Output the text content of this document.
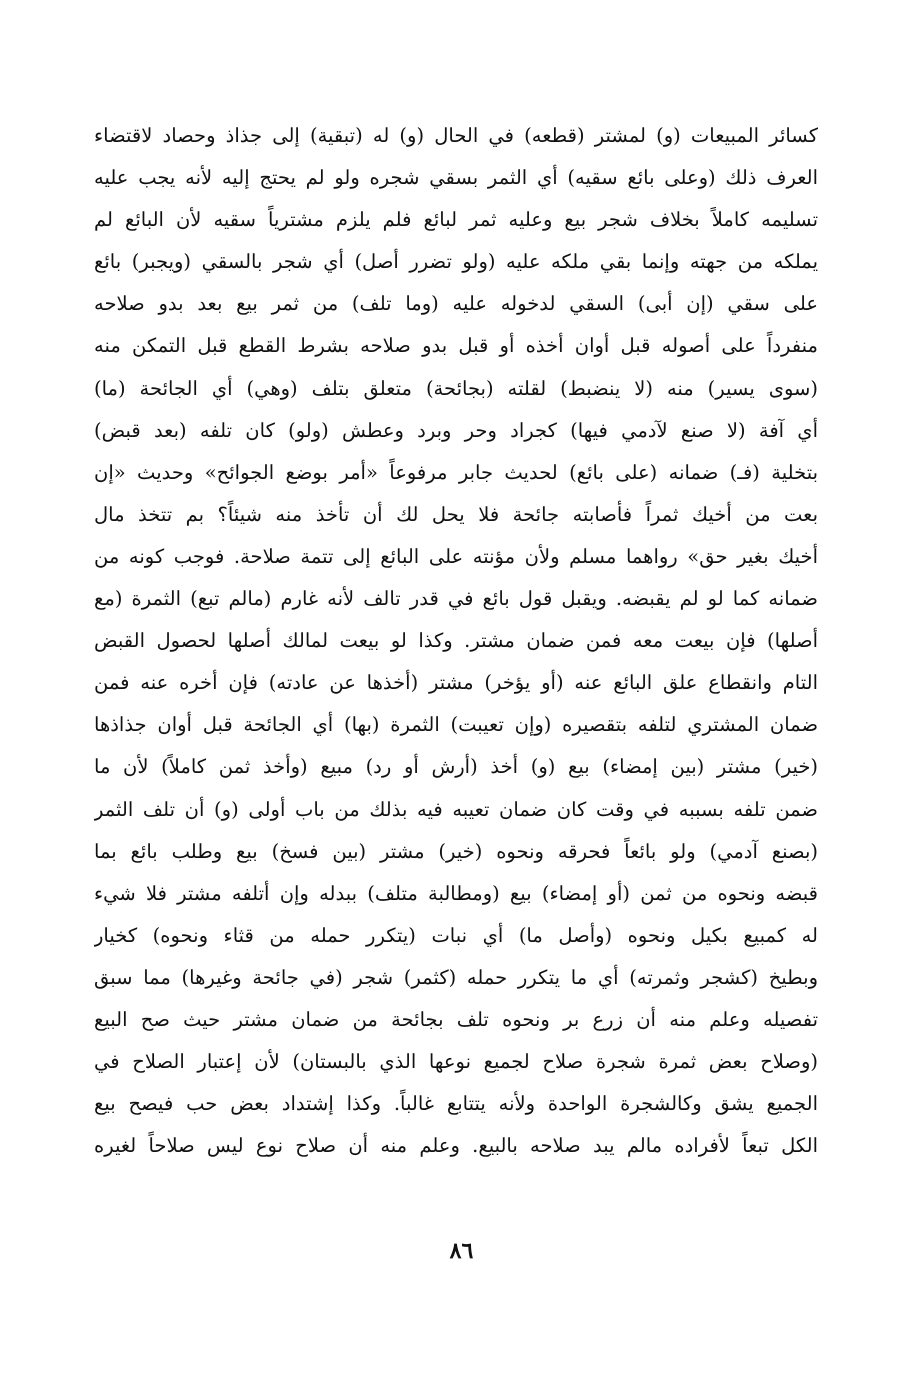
كسائر المبيعات (و) لمشتر (قطعه) في الحال (و) له (تبقية) إلى جذاذ وحصاد لاقتضاء
العرف ذلك (وعلى بائع سقيه) أي الثمر بسقي شجره ولو لم يحتج إليه لأنه يجب عليه
تسليمه كاملاً بخلاف شجر بيع وعليه ثمر لبائع فلم يلزم مشترياً سقيه لأن البائع لم
يملكه من جهته وإنما بقي ملكه عليه (ولو تضرر أصل) أي شجر بالسقي (ويجبر) بائع
على سقي (إن أبى) السقي لدخوله عليه (وما تلف) من ثمر بيع بعد بدو صلاحه
منفرداً على أصوله قبل أوان أخذه أو قبل بدو صلاحه بشرط القطع قبل التمكن منه
(سوى يسير) منه (لا ينضبط) لقلته (بجائحة) متعلق بتلف (وهي) أي الجائحة (ما)
أي آفة (لا صنع لآدمي فيها) كجراد وحر وبرد وعطش (ولو) كان تلفه (بعد قبض)
بتخلية (فـ) ضمانه (على بائع) لحديث جابر مرفوعاً «أمر بوضع الجوائح» وحديث «إن
بعت من أخيك ثمراً فأصابته جائحة فلا يحل لك أن تأخذ منه شيئاً؟ بم تتخذ مال
أخيك بغير حق» رواهما مسلم ولأن مؤنته على البائع إلى تتمة صلاحة. فوجب كونه من
ضمانه كما لو لم يقبضه. ويقبل قول بائع في قدر تالف لأنه غارم (مالم تبع) الثمرة (مع
أصلها) فإن بيعت معه فمن ضمان مشتر. وكذا لو بيعت لمالك أصلها لحصول القبض
التام وانقطاع علق البائع عنه (أو يؤخر) مشتر (أخذها عن عادته) فإن أخره عنه فمن
ضمان المشتري لتلفه بتقصيره (وإن تعيبت) الثمرة (بها) أي الجائحة قبل أوان جذاذها
(خير) مشتر (بين إمضاء) بيع (و) أخذ (أرش أو رد) مبيع (وأخذ ثمن كاملاً) لأن ما
ضمن تلفه بسببه في وقت كان ضمان تعيبه فيه بذلك من باب أولى (و) أن تلف الثمر
(بصنع آدمي) ولو بائعاً فحرقه ونحوه (خير) مشتر (بين فسخ) بيع وطلب بائع بما
قبضه ونحوه من ثمن (أو إمضاء) بيع (ومطالبة متلف) ببدله وإن أتلفه مشتر فلا شيء
له كمبيع بكيل ونحوه (وأصل ما) أي نبات (يتكرر حمله من قثاء ونحوه) كخيار
وبطيخ (كشجر وثمرته) أي ما يتكرر حمله (كثمر) شجر (في جائحة وغيرها) مما سبق
تفصيله وعلم منه أن زرع بر ونحوه تلف بجائحة من ضمان مشتر حيث صح البيع
(وصلاح بعض ثمرة شجرة صلاح لجميع نوعها الذي بالبستان) لأن إعتبار الصلاح في
الجميع يشق وكالشجرة الواحدة ولأنه يتتابع غالباً. وكذا إشتداد بعض حب فيصح بيع
الكل تبعاً لأفراده مالم يبد صلاحه بالبيع. وعلم منه أن صلاح نوع ليس صلاحاً لغيره
٨٦
